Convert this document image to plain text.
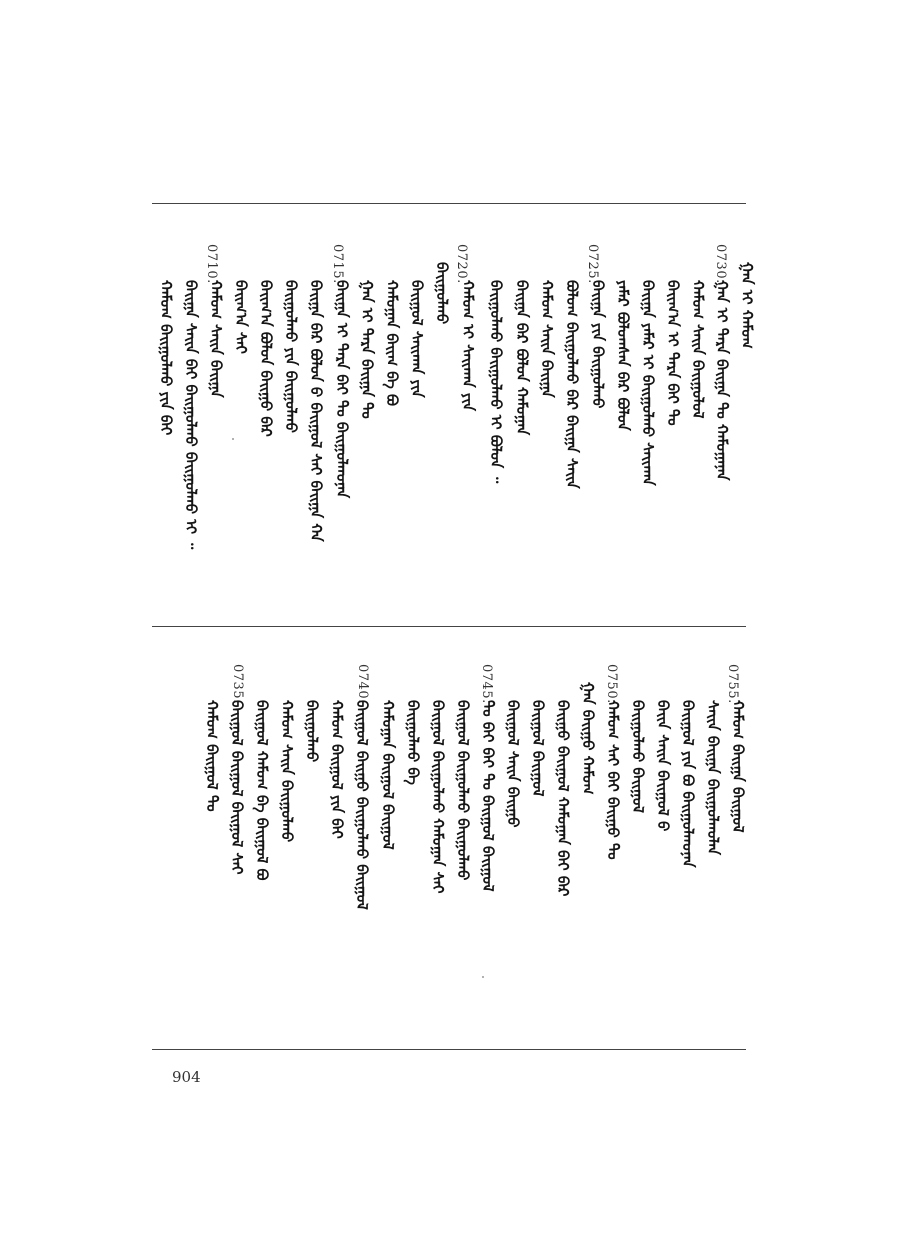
0730.
0725.
0720.
0715.
0710.	ᠭᠠᠨ ᠢ ᠬᠠᠮᠤᠭ
ᠭᠠᠨ ᠢ ᠲᠡᠷᠡ ᠪᠠᠢᠭᠠ ᠲᠤ ᠬᠠᠮᠤᠭᠠᠨᠠᠨ
ᠬᠠᠮᠤᠭ ᠰᠠᠢᠨ ᠪᠠᠢᠭᠤᠯᠤᠯ
ᠪᠠᠢᠭ᠎ᠠ ᠢ ᠲᠡᠷᠡ ᠪᠠᠢ ᠲᠤ
ᠪᠠᠢᠭᠠ ᠶᠠᠮᠠᠷ ᠢ ᠪᠠᠢᠭᠤᠯᠬᠤ ᠰᠠᠢᠬᠠᠨ
ᠶᠠᠮᠠᠷ ᠪᠤᠯᠤᠭᠰᠠᠨ ᠪᠠᠷ ᠪᠤᠯᠤᠨ
ᠪᠠᠢᠭᠠ ᠶᠢᠨ ᠪᠠᠢᠭᠤᠯᠬᠤ
ᠪᠤᠯᠤᠭ ᠪᠠᠢᠭᠤᠯᠬᠤ ᠪᠠᠷ ᠪᠠᠢᠭᠠ ᠰᠠᠢᠨ
ᠬᠠᠮᠤᠭ ᠰᠠᠢᠨ ᠪᠠᠢᠭᠠ
ᠪᠠᠢᠭᠠ ᠪᠠᠷ ᠪᠤᠯᠤᠨ ᠬᠠᠮᠤᠭᠠᠨ
ᠪᠠᠢᠭᠤᠯᠬᠤ ᠪᠠᠢᠭᠤᠯᠬᠤ ᠢ ᠪᠤᠯᠤᠨ ᠃
ᠬᠠᠮᠤᠭ ᠢ ᠰᠠᠢᠬᠠᠨ ᠶᠢᠨ
ᠪᠠᠢᠭᠤᠯᠬᠤ
ᠪᠠᠢᠭᠤᠯ ᠰᠠᠢᠬᠠᠨ ᠶᠢᠨ
ᠬᠠᠮᠤᠭᠠᠨ ᠪᠠᠢᠭ ᠪᠠ ᠪᠤ
ᠭᠠᠨ ᠢ ᠲᠡᠷᠡ ᠪᠠᠢᠭᠠ ᠲᠤ
ᠪᠠᠢᠭᠠ ᠢ ᠲᠡᠷᠡ ᠪᠠᠢ ᠲᠤ ᠪᠠᠢᠭᠤᠯᠬᠤᠨᠠᠨ
ᠪᠠᠢᠭᠠ ᠪᠠᠷ ᠪᠤᠯᠤᠨ ᠪ ᠪᠠᠢᠭᠤᠯ ᠰᠠᠢ ᠪᠠᠢᠭᠠ ᠬᠠ
ᠪᠠᠢᠭᠤᠯᠬᠤ ᠶᠢᠨ ᠪᠠᠢᠭᠤᠯᠬᠤ
ᠪᠠᠢᠭ᠎ᠠ ᠪᠤᠯᠤᠨ ᠪᠠᠢᠭᠤ ᠪᠠᠷ
ᠪᠠᠢᠭ᠎ᠠ ᠰᠠᠢ
ᠬᠠᠮᠤᠭ ᠰᠠᠢᠨ ᠪᠠᠢᠭᠠ
ᠪᠠᠢᠭᠠ ᠰᠠᠢᠨ ᠪᠠᠢ ᠪᠠᠢᠭᠤᠯᠬᠤ ᠪᠠᠢᠭᠤᠯᠬᠤ ᠢ ᠃
ᠬᠠᠮᠤᠭ ᠪᠠᠢᠭᠤᠯᠬᠤ ᠶᠢᠨ ᠪᠠᠢ
0755.
0750.
0745.
0740.
0735.
ᠬᠠᠮᠤᠭ ᠪᠠᠢᠭᠠ ᠪᠠᠢᠭᠤᠯ
ᠰᠠᠢᠨ ᠪᠠᠢᠭᠠ ᠪᠠᠢᠭᠤᠯᠬᠤᠯᠠᠨ
ᠪᠠᠢᠭᠤᠯ ᠶᠢᠨ ᠪᠤ ᠪᠠᠢᠭᠤᠯᠬᠤᠨᠠᠨ
ᠪᠠᠢᠨ ᠰᠠᠢᠨ ᠪᠠᠢᠭᠤᠯ ᠪ
ᠪᠠᠢᠭᠤᠯᠬᠤ ᠪᠠᠢᠭᠤᠯ
ᠬᠠᠮᠤᠭ ᠰᠠᠢ ᠪᠠᠢ ᠪᠠᠢᠭᠤ ᠲᠤ
ᠭᠠᠨ ᠪᠠᠢᠭᠤ ᠬᠠᠮᠤᠭ
ᠪᠠᠢᠭᠤ ᠪᠠᠢᠭᠤᠯ ᠬᠠᠮᠤᠭᠠᠨ ᠪᠠᠢ ᠪᠠᠷ
ᠪᠠᠢᠭᠤᠯ ᠪᠠᠢᠭᠤᠯ
ᠪᠠᠢᠭᠤᠯ ᠰᠠᠢᠨ ᠪᠠᠢᠭᠤ
ᠲᠤ ᠪᠠᠢ ᠪᠠᠢ ᠲᠤ ᠪᠠᠢᠭᠤᠯ ᠪᠠᠢᠭᠤᠯ
ᠪᠠᠢᠭᠤᠯ ᠪᠠᠢᠭᠤᠯᠬᠤ ᠪᠠᠢᠭᠤᠯᠬᠤ
ᠪᠠᠢᠭᠤᠯ ᠪᠠᠢᠭᠤᠯᠬᠤ ᠬᠠᠮᠤᠭᠠᠨ ᠰᠠᠢ
ᠪᠠᠢᠭᠤᠯᠬᠤ ᠪᠠ
ᠬᠠᠮᠤᠭᠠᠨ ᠪᠠᠢᠭᠤᠯ ᠪᠠᠢᠭᠤᠯ
ᠪᠠᠢᠭᠤᠯ ᠪᠠᠢᠭᠤ ᠪᠠᠢᠭᠤᠯᠬᠤ ᠪᠠᠢᠭᠤᠯ
ᠬᠠᠮᠤᠭ ᠪᠠᠢᠭᠤᠯ ᠶᠢᠨ ᠪᠠᠢ
ᠪᠠᠢᠭᠤᠯᠬᠤ
ᠬᠠᠮᠤᠭ ᠰᠠᠢᠨ ᠪᠠᠢᠭᠤᠯᠬᠤ
ᠪᠠᠢᠭᠤᠯ ᠬᠠᠮᠤᠭ ᠪᠠ ᠪᠠᠢᠭᠤᠯ ᠪᠤ
ᠪᠠᠢᠭᠤᠯ ᠪᠠᠢᠭᠤᠯ ᠪᠠᠢᠭᠤᠯ ᠰᠠᠢ
ᠬᠠᠮᠤᠭ ᠪᠠᠢᠭᠤᠯ ᠲᠤ
904
